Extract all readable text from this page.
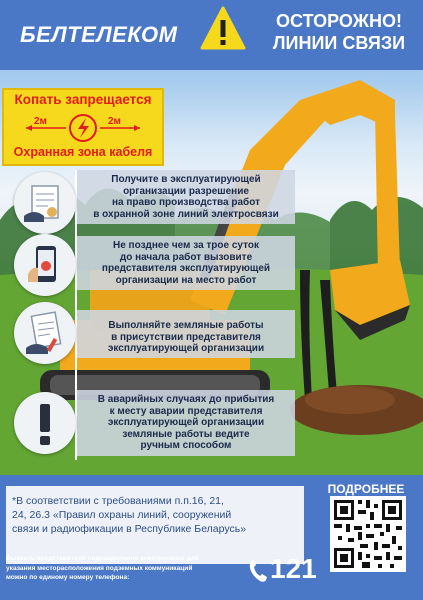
БЕЛТЕЛЕКОМ
ОСТОРОЖНО!
ЛИНИИ СВЯЗИ
Копать запрещается
2м	2м
Охранная зона кабеля
Получите в эксплуатирующей
организации разрешение
на право производства работ
в охранной зоне линий электросвязи
Не позднее чем за трое суток
до начала работ вызовите
представителя эксплуатирующей
организации на место работ
Выполняйте земляные работы
в присутствии представителя
эксплуатирующей организации
В аварийных случаях до прибытия
к месту аварии представителя
эксплуатирующей организации
земляные работы ведите
ручным способом
*В соответствии с требованиями п.п.16, 21,
24, 26.3 «Правил охраны линий, сооружений
связи и радиофикации в Республике Беларусь»
ПОДРОБНЕЕ
Вызвать представителя подразделения электросвязи для
указания месторасположения подземных коммуникаций
можно по единому номеру телефона:	121
